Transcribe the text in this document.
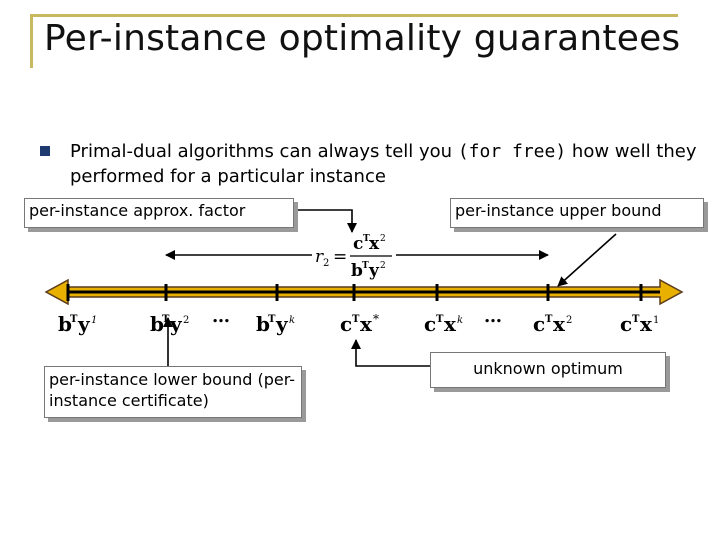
Per-instance optimality guarantees
Primal-dual algorithms can always tell you (for free) how well they performed for a particular instance
b
T y 1	b
T y 2 … b
T y k c T x * c T x k … c T x 2 c T x 1
r 2 =
c T x 2
b T y 2
per-instance approx. factor	per-instance upper bound
per-instance lower bound (per-instance certificate)
unknown optimum
